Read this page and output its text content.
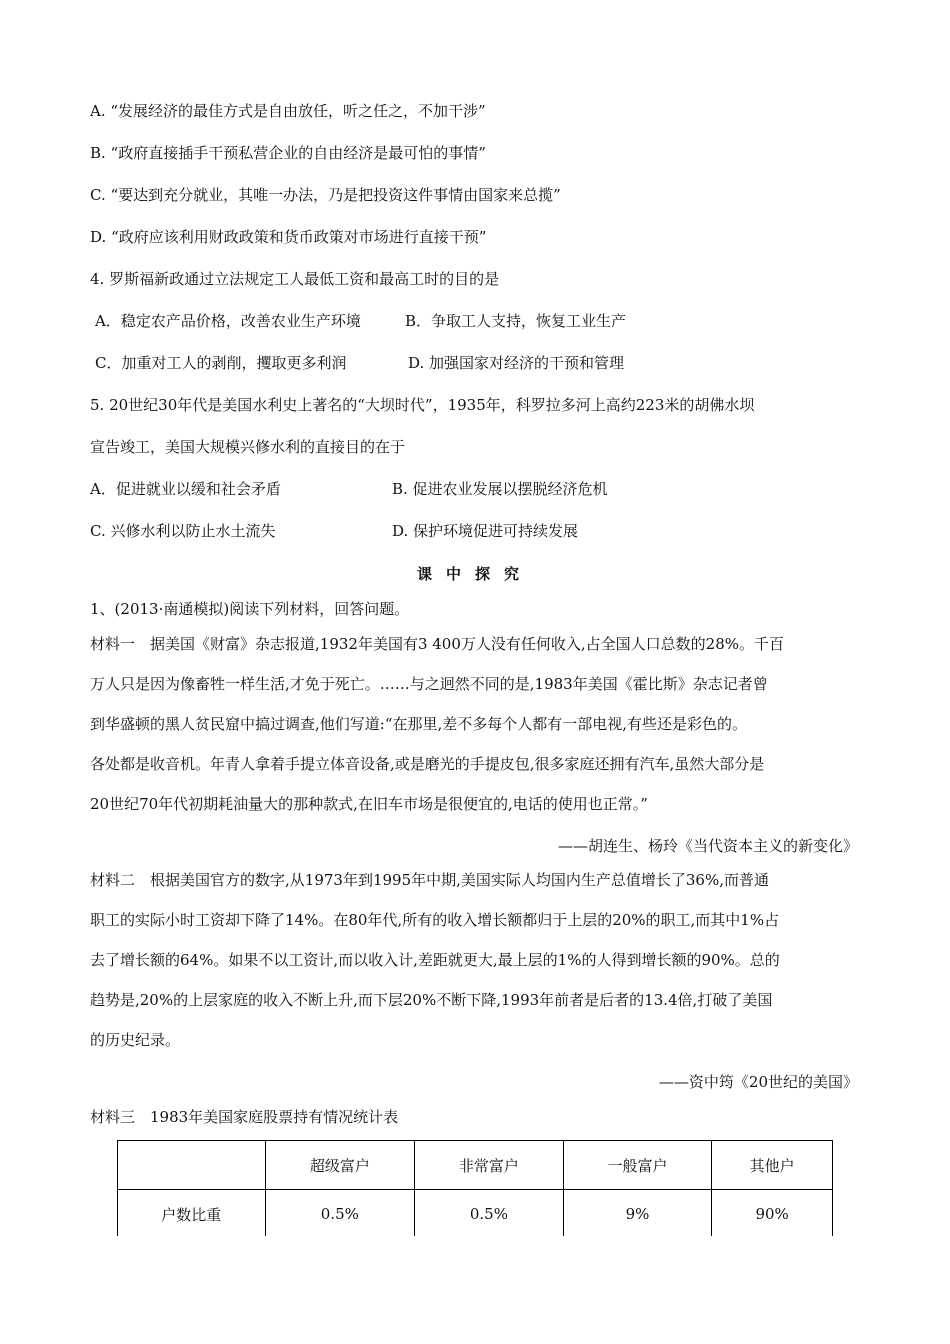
A. “发展经济的最佳方式是自由放任，听之任之，不加干涉”
B. “政府直接插手干预私营企业的自由经济是最可怕的事情”
C. “要达到充分就业，其唯一办法，乃是把投资这件事情由国家来总揽”
D. “政府应该利用财政政策和货币政策对市场进行直接干预”
4. 罗斯福新政通过立法规定工人最低工资和最高工时的目的是
A．稳定农产品价格，改善农业生产环境	B．争取工人支持，恢复工业生产
C．加重对工人的剥削，攫取更多利润	D. 加强国家对经济的干预和管理
5. 20世纪30年代是美国水利史上著名的“大坝时代”，1935年，科罗拉多河上高约223米的胡佛水坝
宣告竣工，美国大规模兴修水利的直接目的在于
A．促进就业以缓和社会矛盾	B. 促进农业发展以摆脱经济危机
C. 兴修水利以防止水土流失	D. 保护环境促进可持续发展
课中探究
1、(2013·南通模拟)阅读下列材料，回答问题。
材料一　据美国《财富》杂志报道,1932年美国有3 400万人没有任何收入,占全国人口总数的28%。千百
万人只是因为像畜牲一样生活,才免于死亡。……与之迥然不同的是,1983年美国《霍比斯》杂志记者曾
到华盛顿的黑人贫民窟中搞过调查,他们写道:“在那里,差不多每个人都有一部电视,有些还是彩色的。
各处都是收音机。年青人拿着手提立体音设备,或是磨光的手提皮包,很多家庭还拥有汽车,虽然大部分是
20世纪70年代初期耗油量大的那种款式,在旧车市场是很便宜的,电话的使用也正常。”
——胡连生、杨玲《当代资本主义的新变化》
材料二　根据美国官方的数字,从1973年到1995年中期,美国实际人均国内生产总值增长了36%,而普通
职工的实际小时工资却下降了14%。在80年代,所有的收入增长额都归于上层的20%的职工,而其中1%占
去了增长额的64%。如果不以工资计,而以收入计,差距就更大,最上层的1%的人得到增长额的90%。总的
趋势是,20%的上层家庭的收入不断上升,而下层20%不断下降,1993年前者是后者的13.4倍,打破了美国
的历史纪录。
——资中筠《20世纪的美国》
材料三　1983年美国家庭股票持有情况统计表
	超级富户	非常富户	一般富户	其他户
户数比重	0.5%	0.5%	9%	90%
